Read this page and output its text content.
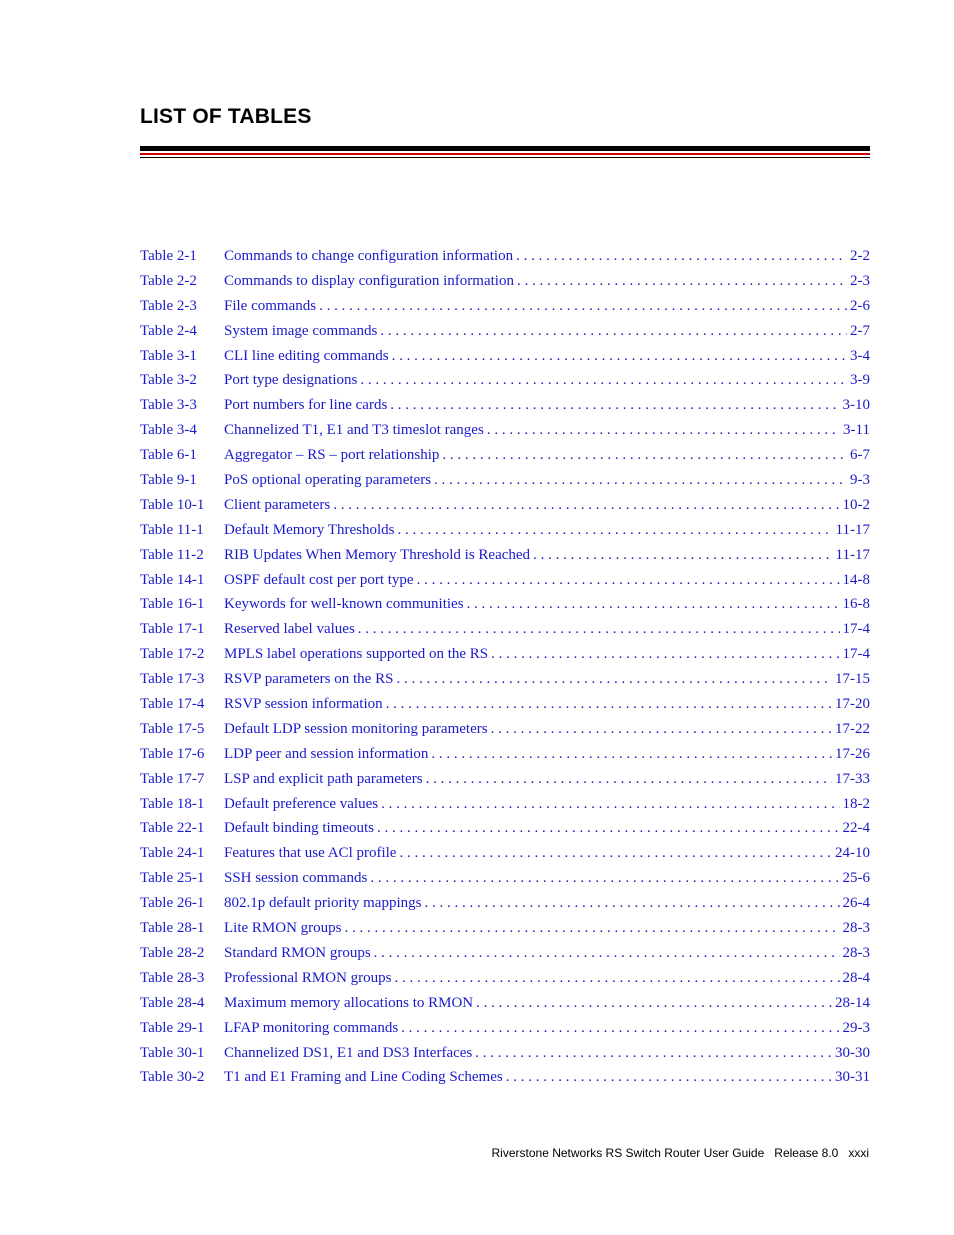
LIST OF TABLES
Table 2-1	Commands to change configuration information . . .	2-2
Table 2-2	Commands to display configuration information . . .	2-3
Table 2-3	File commands . . .	2-6
Table 2-4	System image commands . . .	2-7
Table 3-1	CLI line editing commands . . .	3-4
Table 3-2	Port type designations . . .	3-9
Table 3-3	Port numbers for line cards . . .	3-10
Table 3-4	Channelized T1, E1 and T3 timeslot ranges . . .	3-11
Table 6-1	Aggregator – RS – port relationship . . .	6-7
Table 9-1	PoS optional operating parameters . . .	9-3
Table 10-1	Client parameters . . .	10-2
Table 11-1	Default Memory Thresholds . . .	11-17
Table 11-2	RIB Updates When Memory Threshold is Reached . . .	11-17
Table 14-1	OSPF default cost per port type . . .	14-8
Table 16-1	Keywords for well-known communities . . .	16-8
Table 17-1	Reserved label values . . .	17-4
Table 17-2	MPLS label operations supported on the RS . . .	17-4
Table 17-3	RSVP parameters on the RS . . .	17-15
Table 17-4	RSVP session information . . .	17-20
Table 17-5	Default LDP session monitoring parameters . . .	17-22
Table 17-6	LDP peer and session information . . .	17-26
Table 17-7	LSP and explicit path parameters . . .	17-33
Table 18-1	Default preference values . . .	18-2
Table 22-1	Default binding timeouts . . .	22-4
Table 24-1	Features that use ACl profile . . .	24-10
Table 25-1	SSH session commands . . .	25-6
Table 26-1	802.1p default priority mappings . . .	26-4
Table 28-1	Lite RMON groups . . .	28-3
Table 28-2	Standard RMON groups . . .	28-3
Table 28-3	Professional RMON groups . . .	28-4
Table 28-4	Maximum memory allocations to RMON . . .	28-14
Table 29-1	LFAP monitoring commands . . .	29-3
Table 30-1	Channelized DS1, E1 and DS3 Interfaces . . .	30-30
Table 30-2	T1 and E1 Framing and Line Coding Schemes . . .	30-31
Riverstone Networks RS Switch Router User Guide   Release 8.0   xxxi
